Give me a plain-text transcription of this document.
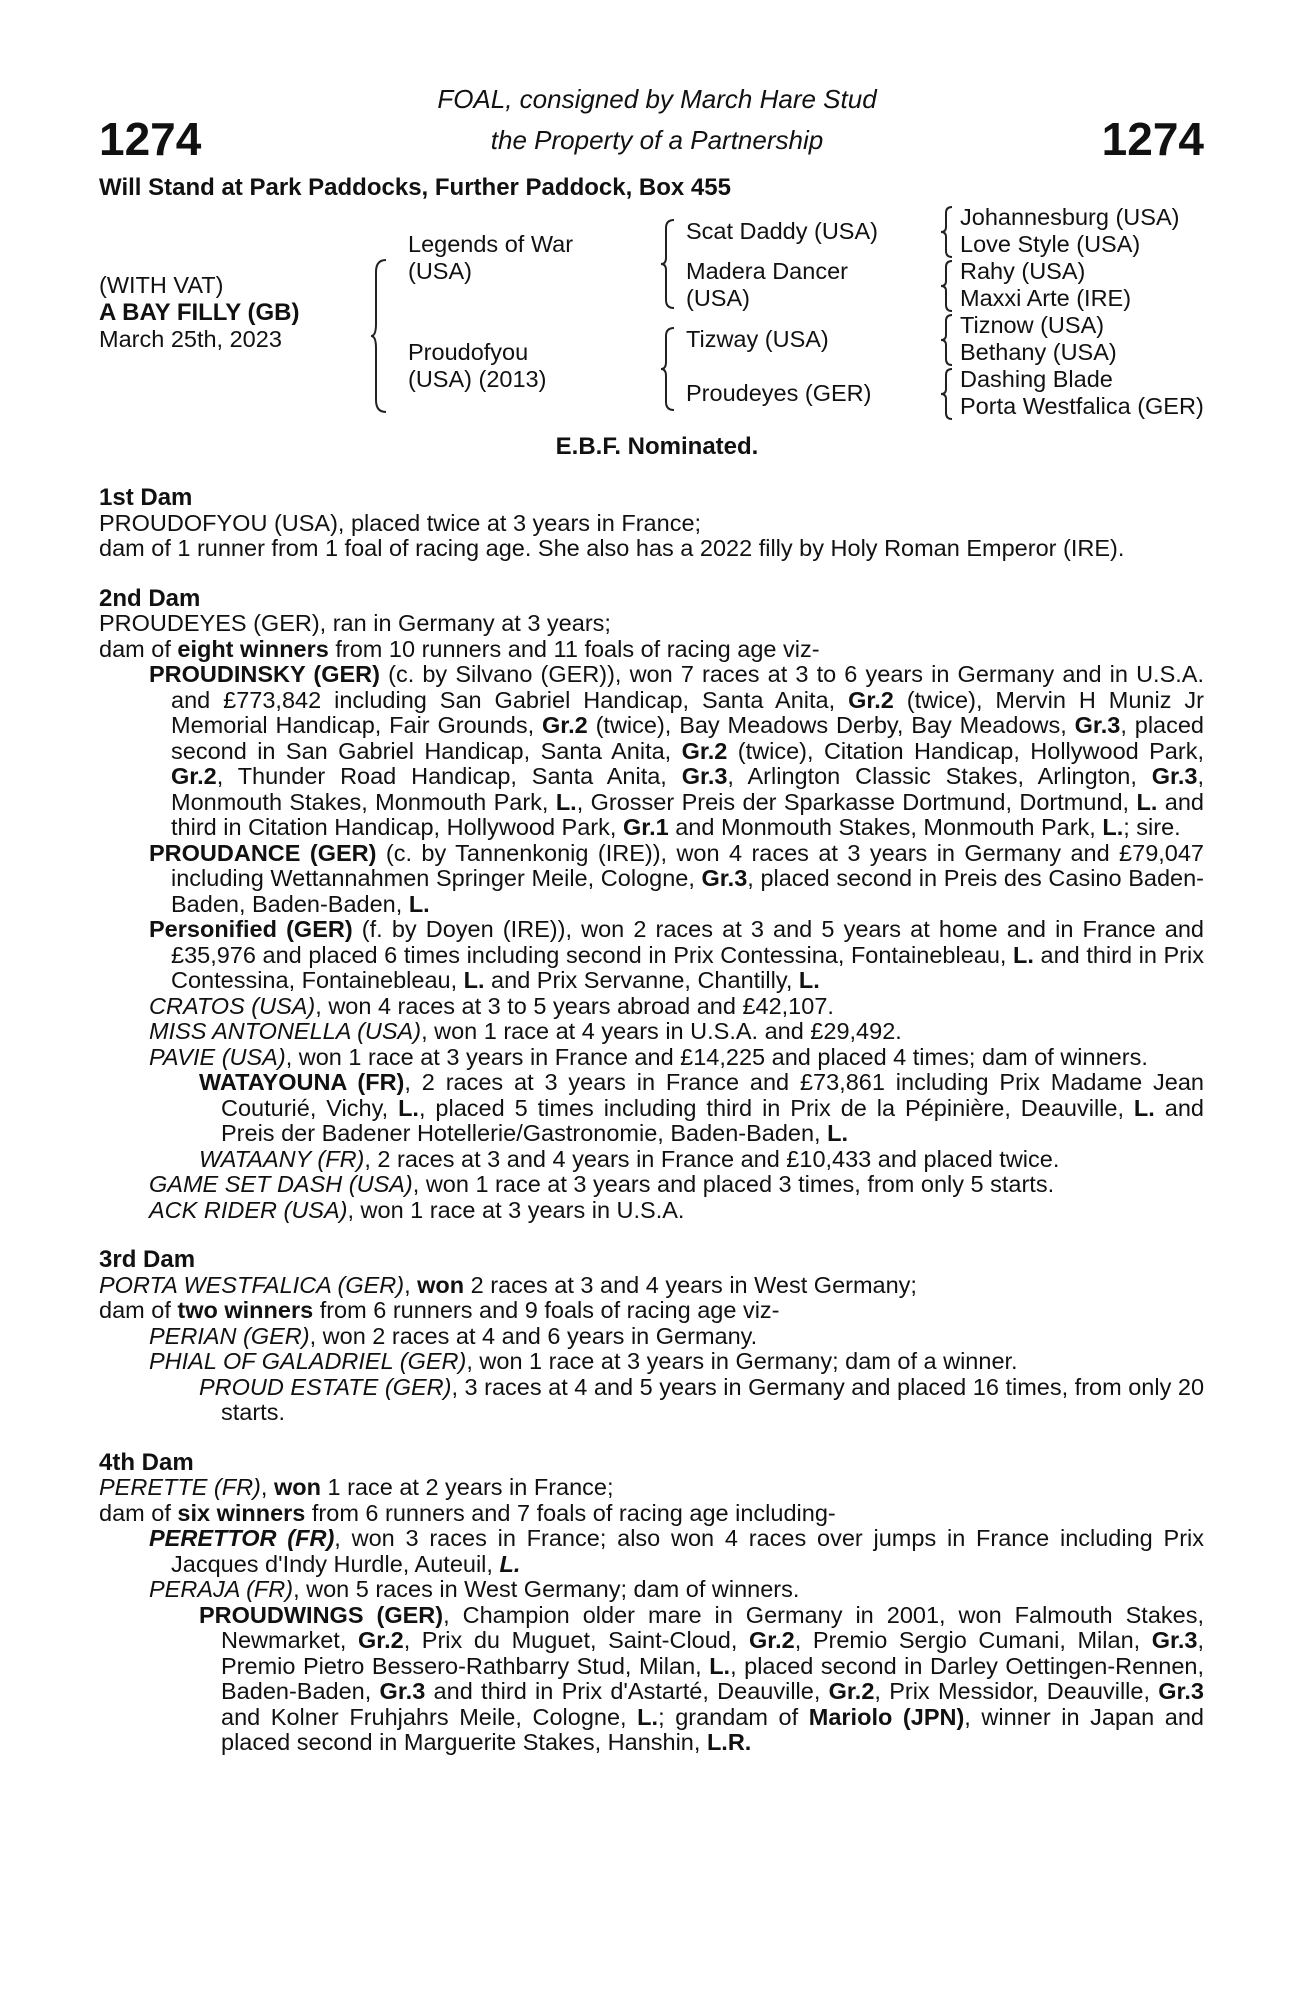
1274	1274
FOAL, consigned by March Hare Stud
the Property of a Partnership
Will Stand at Park Paddocks, Further Paddock, Box 455
(WITH VAT)
A BAY FILLY (GB)
March 25th, 2023
Legends of War (USA)
Proudofyou (USA) (2013)
Scat Daddy (USA)
Madera Dancer (USA)
Tizway (USA)
Proudeyes (GER)
Johannesburg (USA)
Love Style (USA)
Rahy (USA)
Maxxi Arte (IRE)
Tiznow (USA)
Bethany (USA)
Dashing Blade
Porta Westfalica (GER)
E.B.F. Nominated.
1st Dam
PROUDOFYOU (USA), placed twice at 3 years in France;
dam of 1 runner from 1 foal of racing age. She also has a 2022 filly by Holy Roman Emperor (IRE).
2nd Dam
PROUDEYES (GER), ran in Germany at 3 years;
dam of eight winners from 10 runners and 11 foals of racing age viz-
PROUDINSKY (GER) (c. by Silvano (GER)), won 7 races at 3 to 6 years in Germany and in U.S.A. and £773,842 including San Gabriel Handicap, Santa Anita, Gr.2 (twice), Mervin H Muniz Jr Memorial Handicap, Fair Grounds, Gr.2 (twice), Bay Meadows Derby, Bay Meadows, Gr.3, placed second in San Gabriel Handicap, Santa Anita, Gr.2 (twice), Citation Handicap, Hollywood Park, Gr.2, Thunder Road Handicap, Santa Anita, Gr.3, Arlington Classic Stakes, Arlington, Gr.3, Monmouth Stakes, Monmouth Park, L., Grosser Preis der Sparkasse Dortmund, Dortmund, L. and third in Citation Handicap, Hollywood Park, Gr.1 and Monmouth Stakes, Monmouth Park, L.; sire.
PROUDANCE (GER) (c. by Tannenkonig (IRE)), won 4 races at 3 years in Germany and £79,047 including Wettannahmen Springer Meile, Cologne, Gr.3, placed second in Preis des Casino Baden-Baden, Baden-Baden, L.
Personified (GER) (f. by Doyen (IRE)), won 2 races at 3 and 5 years at home and in France and £35,976 and placed 6 times including second in Prix Contessina, Fontainebleau, L. and third in Prix Contessina, Fontainebleau, L. and Prix Servanne, Chantilly, L.
CRATOS (USA), won 4 races at 3 to 5 years abroad and £42,107.
MISS ANTONELLA (USA), won 1 race at 4 years in U.S.A. and £29,492.
PAVIE (USA), won 1 race at 3 years in France and £14,225 and placed 4 times; dam of winners.
WATAYOUNA (FR), 2 races at 3 years in France and £73,861 including Prix Madame Jean Couturié, Vichy, L., placed 5 times including third in Prix de la Pépinière, Deauville, L. and Preis der Badener Hotellerie/Gastronomie, Baden-Baden, L.
WATAANY (FR), 2 races at 3 and 4 years in France and £10,433 and placed twice.
GAME SET DASH (USA), won 1 race at 3 years and placed 3 times, from only 5 starts.
ACK RIDER (USA), won 1 race at 3 years in U.S.A.
3rd Dam
PORTA WESTFALICA (GER), won 2 races at 3 and 4 years in West Germany;
dam of two winners from 6 runners and 9 foals of racing age viz-
PERIAN (GER), won 2 races at 4 and 6 years in Germany.
PHIAL OF GALADRIEL (GER), won 1 race at 3 years in Germany; dam of a winner.
PROUD ESTATE (GER), 3 races at 4 and 5 years in Germany and placed 16 times, from only 20 starts.
4th Dam
PERETTE (FR), won 1 race at 2 years in France;
dam of six winners from 6 runners and 7 foals of racing age including-
PERETTOR (FR), won 3 races in France; also won 4 races over jumps in France including Prix Jacques d'Indy Hurdle, Auteuil, L.
PERAJA (FR), won 5 races in West Germany; dam of winners.
PROUDWINGS (GER), Champion older mare in Germany in 2001, won Falmouth Stakes, Newmarket, Gr.2, Prix du Muguet, Saint-Cloud, Gr.2, Premio Sergio Cumani, Milan, Gr.3, Premio Pietro Bessero-Rathbarry Stud, Milan, L., placed second in Darley Oettingen-Rennen, Baden-Baden, Gr.3 and third in Prix d'Astarté, Deauville, Gr.2, Prix Messidor, Deauville, Gr.3 and Kolner Fruhjahrs Meile, Cologne, L.; grandam of Mariolo (JPN), winner in Japan and placed second in Marguerite Stakes, Hanshin, L.R.
